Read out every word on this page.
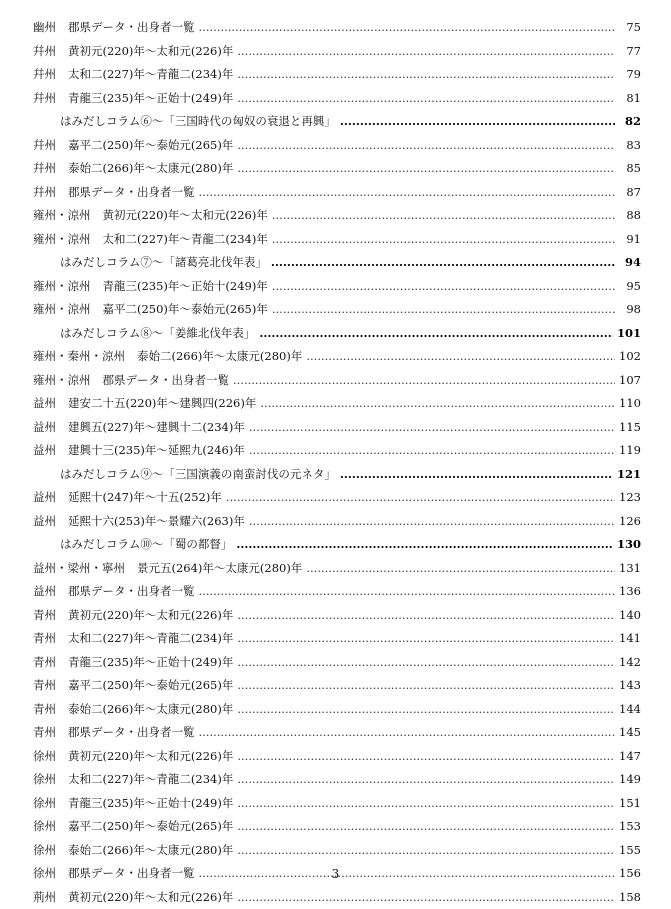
幽州 郡県データ・出身者一覧 .....	75
幷州 黄初元(220)年～太和元(226)年 .....	77
幷州 太和二(227)年～青龍二(234)年 .....	79
幷州 青龍三(235)年～正始十(249)年 .....	81
はみだしコラム⑥～「三国時代の匈奴の衰退と再興」 .....	82
幷州 嘉平二(250)年～泰始元(265)年 .....	83
幷州 泰始二(266)年～太康元(280)年 .....	85
幷州 郡県データ・出身者一覧 .....	87
雍州・涼州 黄初元(220)年～太和元(226)年 .....	88
雍州・涼州 太和二(227)年～青龍二(234)年 .....	91
はみだしコラム⑦～「諸葛亮北伐年表」 .....	94
雍州・涼州 青龍三(235)年～正始十(249)年 .....	95
雍州・涼州 嘉平二(250)年～泰始元(265)年 .....	98
はみだしコラム⑧～「姜維北伐年表」 .....	101
雍州・秦州・涼州 泰始二(266)年～太康元(280)年 .....	102
雍州・涼州 郡県データ・出身者一覧 .....	107
益州 建安二十五(220)年～建興四(226)年 .....	110
益州 建興五(227)年～建興十二(234)年 .....	115
益州 建興十三(235)年～延熙九(246)年 .....	119
はみだしコラム⑨～「三国演義の南蛮討伐の元ネタ」 .....	121
益州 延熙十(247)年～十五(252)年 .....	123
益州 延熙十六(253)年～景耀六(263)年 .....	126
はみだしコラム⑩～「蜀の都督」 .....	130
益州・梁州・寧州 景元五(264)年～太康元(280)年 .....	131
益州 郡県データ・出身者一覧 .....	136
青州 黄初元(220)年～太和元(226)年 .....	140
青州 太和二(227)年～青龍二(234)年 .....	141
青州 青龍三(235)年～正始十(249)年 .....	142
青州 嘉平二(250)年～泰始元(265)年 .....	143
青州 泰始二(266)年～太康元(280)年 .....	144
青州 郡県データ・出身者一覧 .....	145
徐州 黄初元(220)年～太和元(226)年 .....	147
徐州 太和二(227)年～青龍二(234)年 .....	149
徐州 青龍三(235)年～正始十(249)年 .....	151
徐州 嘉平二(250)年～泰始元(265)年 .....	153
徐州 泰始二(266)年～太康元(280)年 .....	155
徐州 郡県データ・出身者一覧 .....	156
荊州 黄初元(220)年～太和元(226)年 .....	158
3
